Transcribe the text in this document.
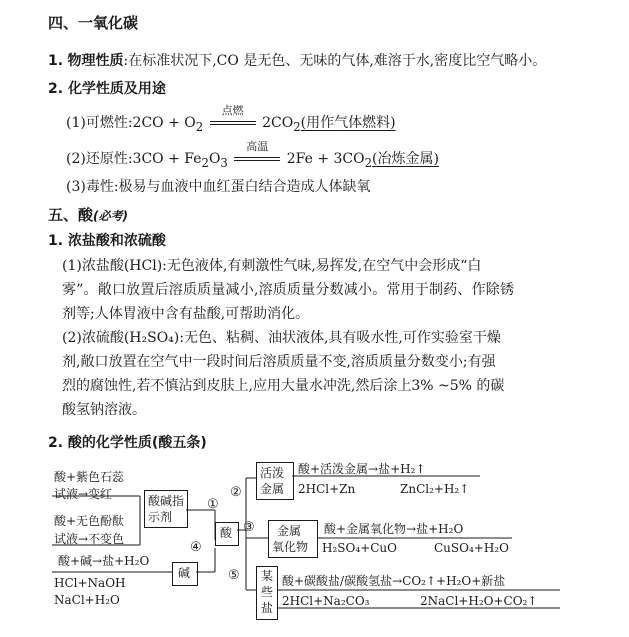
四、一氧化碳
1. 物理性质:在标准状况下,CO 是无色、无味的气体,难溶于水,密度比空气略小。
2. 化学性质及用途
(1)可燃性:2CO + $O_2$
点燃
$2CO_2$(用作气体燃料)
(2)还原性:3CO + $Fe_2O_3$
高温
$2Fe + 3CO_2$(冶炼金属)
(3)毒性:极易与血液中血红蛋白结合造成人体缺氧
五、酸(必考)
1. 浓盐酸和浓硫酸
(1)浓盐酸(HCl):无色液体,有刺激性气味,易挥发,在空气中会形成“白
雾”。敞口放置后溶质质量减小,溶质质量分数减小。常用于制药、作除锈
剂等;人体胃液中含有盐酸,可帮助消化。
(2)浓硫酸(H₂SO₄):无色、粘稠、油状液体,具有吸水性,可作实验室干燥
剂,敞口放置在空气中一段时间后溶质质量不变,溶质质量分数变小;有强
烈的腐蚀性,若不慎沾到皮肤上,应用大量水冲洗,然后涂上3% ~5% 的碳
酸氢钠溶液。
2. 酸的化学性质(酸五条)
酸+紫色石蕊
试液→变红
酸+无色酚酞
试液→不变色
酸碱指
示剂
①
②
③
④
⑤
酸
酸+碱→盐+H₂O
HCl+NaOH
NaCl+H₂O
碱
活泼
金属
酸+活泼金属→盐+H₂↑
2HCl+Zn	ZnCl₂+H₂↑
金属
氧化物
酸+金属氧化物→盐+H₂O
H₂SO₄+CuO	CuSO₄+H₂O
某
些
盐
酸+碳酸盐/碳酸氢盐→CO₂↑+H₂O+新盐
2HCl+Na₂CO₃	2NaCl+H₂O+CO₂↑
